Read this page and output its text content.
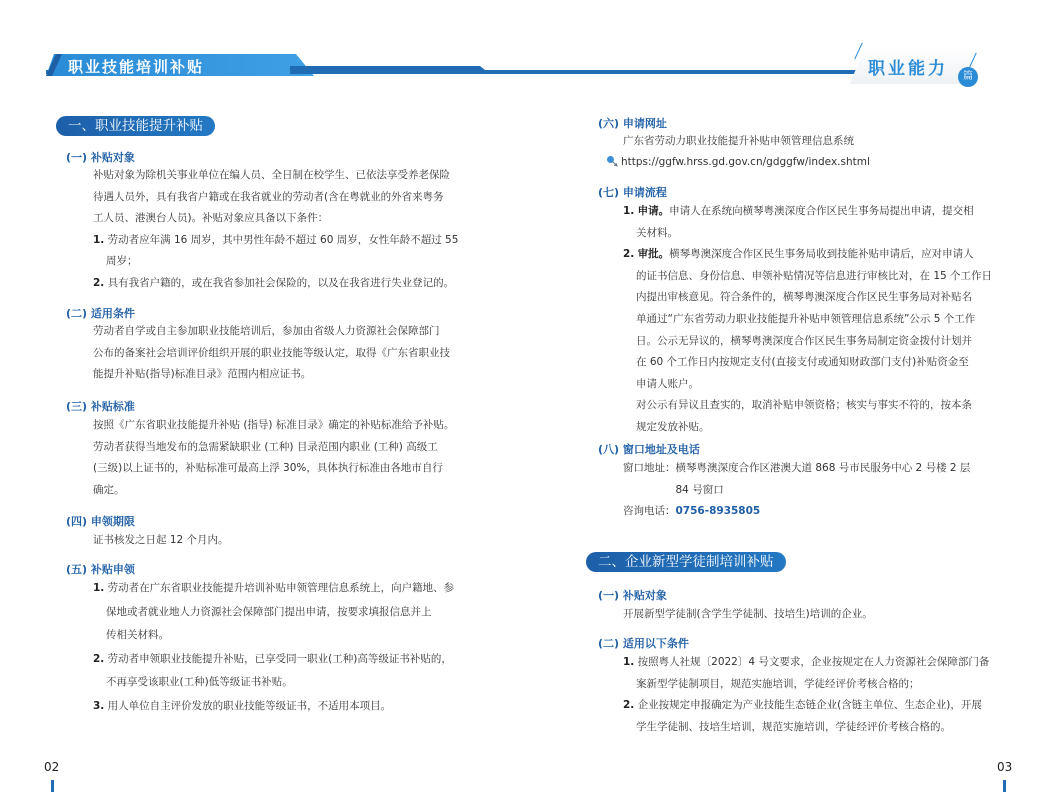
职业技能培训补贴	职业能力	篇
一、职业技能提升补贴
(一) 补贴对象
补贴对象为除机关事业单位在编人员、全日制在校学生、已依法享受养老保险
待遇人员外，具有我省户籍或在我省就业的劳动者(含在粤就业的外省来粤务
工人员、港澳台人员)。补贴对象应具备以下条件：
1. 劳动者应年满 16 周岁，其中男性年龄不超过 60 周岁，女性年龄不超过 55
周岁；
2. 具有我省户籍的，或在我省参加社会保险的，以及在我省进行失业登记的。
(二) 适用条件
劳动者自学或自主参加职业技能培训后，参加由省级人力资源社会保障部门
公布的备案社会培训评价组织开展的职业技能等级认定，取得《广东省职业技
能提升补贴(指导)标准目录》范围内相应证书。
(三) 补贴标准
按照《广东省职业技能提升补贴 (指导) 标准目录》确定的补贴标准给予补贴。
劳动者获得当地发布的急需紧缺职业 (工种) 目录范围内职业 (工种) 高级工
(三级)以上证书的，补贴标准可最高上浮 30%，具体执行标准由各地市自行
确定。
(四) 申领期限
证书核发之日起 12 个月内。
(五) 补贴申领
1. 劳动者在广东省职业技能提升培训补贴申领管理信息系统上，向户籍地、参
保地或者就业地人力资源社会保障部门提出申请，按要求填报信息并上
传相关材料。
2. 劳动者申领职业技能提升补贴，已享受同一职业(工种)高等级证书补贴的，
不再享受该职业(工种)低等级证书补贴。
3. 用人单位自主评价发放的职业技能等级证书，不适用本项目。
02
(六) 申请网址
广东省劳动力职业技能提升补贴申领管理信息系统
https://ggfw.hrss.gd.gov.cn/gdggfw/index.shtml
(七) 申请流程
1. 申请。申请人在系统向横琴粤澳深度合作区民生事务局提出申请，提交相
关材料。
2. 审批。横琴粤澳深度合作区民生事务局收到技能补贴申请后，应对申请人
的证书信息、身份信息、申领补贴情况等信息进行审核比对，在 15 个工作日
内提出审核意见。符合条件的，横琴粤澳深度合作区民生事务局对补贴名
单通过“广东省劳动力职业技能提升补贴申领管理信息系统”公示 5 个工作
日。公示无异议的，横琴粤澳深度合作区民生事务局制定资金拨付计划并
在 60 个工作日内按规定支付(直接支付或通知财政部门支付)补贴资金至
申请人账户。
对公示有异议且查实的，取消补贴申领资格；核实与事实不符的，按本条
规定发放补贴。
(八) 窗口地址及电话
窗口地址： 横琴粤澳深度合作区港澳大道 868 号市民服务中心 2 号楼 2 层
84 号窗口
咨询电话：0756-8935805
二、企业新型学徒制培训补贴
(一) 补贴对象
开展新型学徒制(含学生学徒制、技培生)培训的企业。
(二) 适用以下条件
1. 按照粤人社规〔2022〕4 号文要求，企业按规定在人力资源社会保障部门备
案新型学徒制项目，规范实施培训，学徒经评价考核合格的；
2. 企业按规定申报确定为产业技能生态链企业(含链主单位、生态企业)，开展
学生学徒制、技培生培训，规范实施培训，学徒经评价考核合格的。
03
